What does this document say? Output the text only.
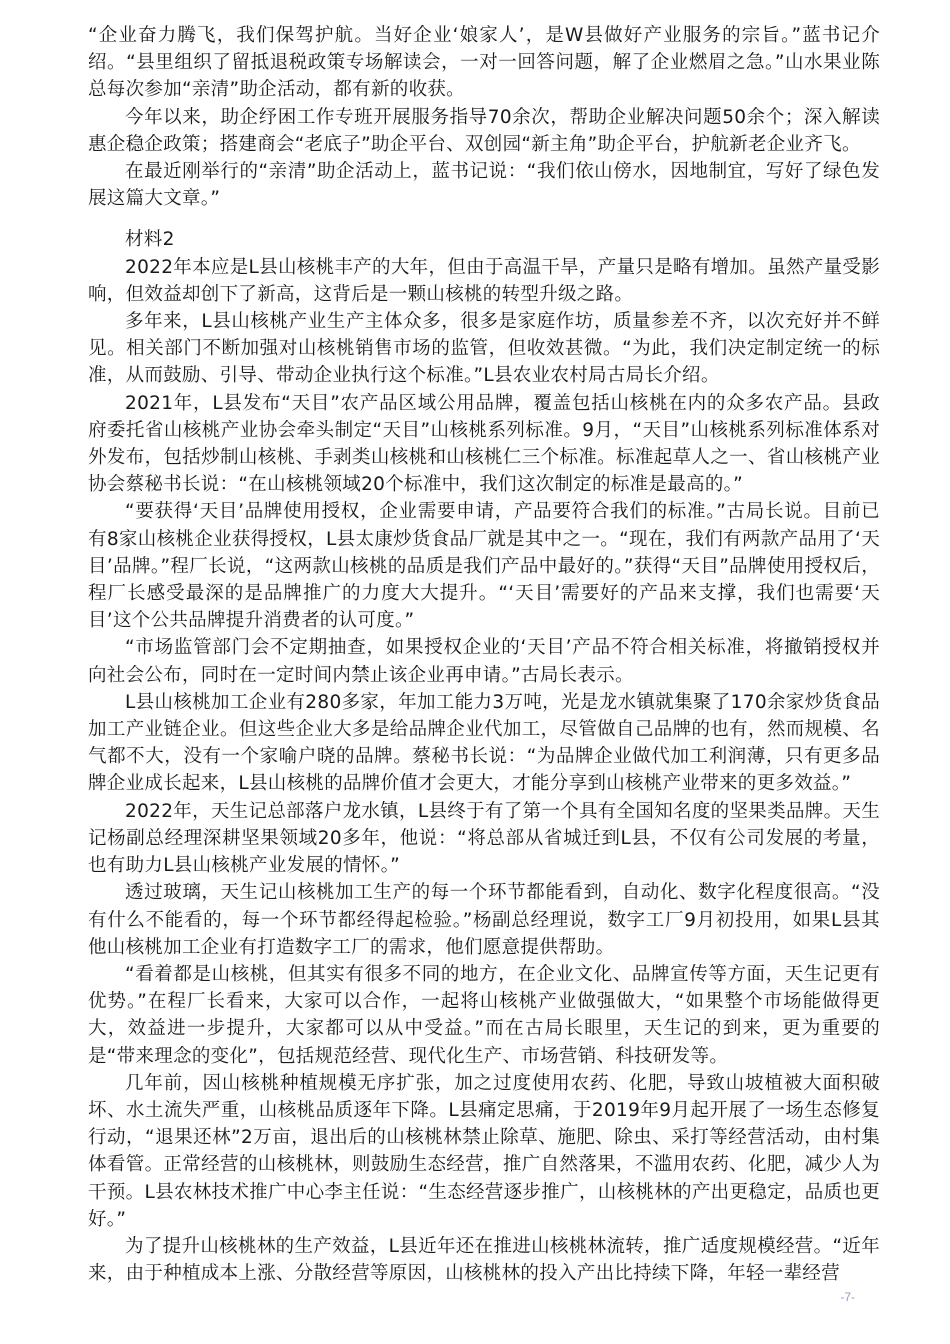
“企业奋力腾飞，我们保驾护航。当好企业‘娘家人’，是W县做好产业服务的宗旨。”蓝书记介绍。“县里组织了留抵退税政策专场解读会，一对一回答问题，解了企业燃眉之急。”山水果业陈总每次参加“亲清”助企活动，都有新的收获。

今年以来，助企纾困工作专班开展服务指导70余次，帮助企业解决问题50余个；深入解读惠企稳企政策；搭建商会“老底子”助企平台、双创园“新主角”助企平台，护航新老企业齐飞。

在最近刚举行的“亲清”助企活动上，蓝书记说：“我们依山傍水，因地制宜，写好了绿色发展这篇大文章。”

材料2

2022年本应是L县山核桃丰产的大年，但由于高温干旱，产量只是略有增加。虽然产量受影响，但效益却创下了新高，这背后是一颗山核桃的转型升级之路。

多年来，L县山核桃产业生产主体众多，很多是家庭作坊，质量参差不齐，以次充好并不鲜见。相关部门不断加强对山核桃销售市场的监管，但收效甚微。“为此，我们决定制定统一的标准，从而鼓励、引导、带动企业执行这个标准。”L县农业农村局古局长介绍。

2021年，L县发布“天目”农产品区域公用品牌，覆盖包括山核桃在内的众多农产品。县政府委托省山核桃产业协会牵头制定“天目”山核桃系列标准。9月，“天目”山核桃系列标准体系对外发布，包括炒制山核桃、手剥类山核桃和山核桃仁三个标准。标准起草人之一、省山核桃产业协会蔡秘书长说：“在山核桃领域20个标准中，我们这次制定的标准是最高的。”

“要获得‘天目’品牌使用授权，企业需要申请，产品要符合我们的标准。”古局长说。目前已有8家山核桃企业获得授权，L县太康炒货食品厂就是其中之一。“现在，我们有两款产品用了‘天目’品牌。”程厂长说，“这两款山核桃的品质是我们产品中最好的。”获得“天目”品牌使用授权后，程厂长感受最深的是品牌推广的力度大大提升。“‘天目’需要好的产品来支撑，我们也需要‘天目’这个公共品牌提升消费者的认可度。”

“市场监管部门会不定期抽查，如果授权企业的‘天目’产品不符合相关标准，将撤销授权并向社会公布，同时在一定时间内禁止该企业再申请。”古局长表示。

L县山核桃加工企业有280多家，年加工能力3万吨，光是龙水镇就集聚了170余家炒货食品加工产业链企业。但这些企业大多是给品牌企业代加工，尽管做自己品牌的也有，然而规模、名气都不大，没有一个家喻户晓的品牌。蔡秘书长说：“为品牌企业做代加工利润薄，只有更多品牌企业成长起来，L县山核桃的品牌价值才会更大，才能分享到山核桃产业带来的更多效益。”

2022年，天生记总部落户龙水镇，L县终于有了第一个具有全国知名度的坚果类品牌。天生记杨副总经理深耕坚果领域20多年，他说：“将总部从省城迁到L县，不仅有公司发展的考量，也有助力L县山核桃产业发展的情怀。”

透过玻璃，天生记山核桃加工生产的每一个环节都能看到，自动化、数字化程度很高。“没有什么不能看的，每一个环节都经得起检验。”杨副总经理说，数字工厂9月初投用，如果L县其他山核桃加工企业有打造数字工厂的需求，他们愿意提供帮助。

“看着都是山核桃，但其实有很多不同的地方，在企业文化、品牌宣传等方面，天生记更有优势。”在程厂长看来，大家可以合作，一起将山核桃产业做强做大，“如果整个市场能做得更大，效益进一步提升，大家都可以从中受益。”而在古局长眼里，天生记的到来，更为重要的是“带来理念的变化”，包括规范经营、现代化生产、市场营销、科技研发等。

几年前，因山核桃种植规模无序扩张，加之过度使用农药、化肥，导致山坡植被大面积破坏、水土流失严重，山核桃品质逐年下降。L县痛定思痛，于2019年9月起开展了一场生态修复行动，“退果还林”2万亩，退出后的山核桃林禁止除草、施肥、除虫、采打等经营活动，由村集体看管。正常经营的山核桃林，则鼓励生态经营，推广自然落果，不滥用农药、化肥，减少人为干预。L县农林技术推广中心李主任说：“生态经营逐步推广，山核桃林的产出更稳定，品质也更好。”

为了提升山核桃林的生产效益，L县近年还在推进山核桃林流转，推广适度规模经营。“近年来，由于种植成本上涨、分散经营等原因，山核桃林的投入产出比持续下降，年轻一辈经营

-7-
